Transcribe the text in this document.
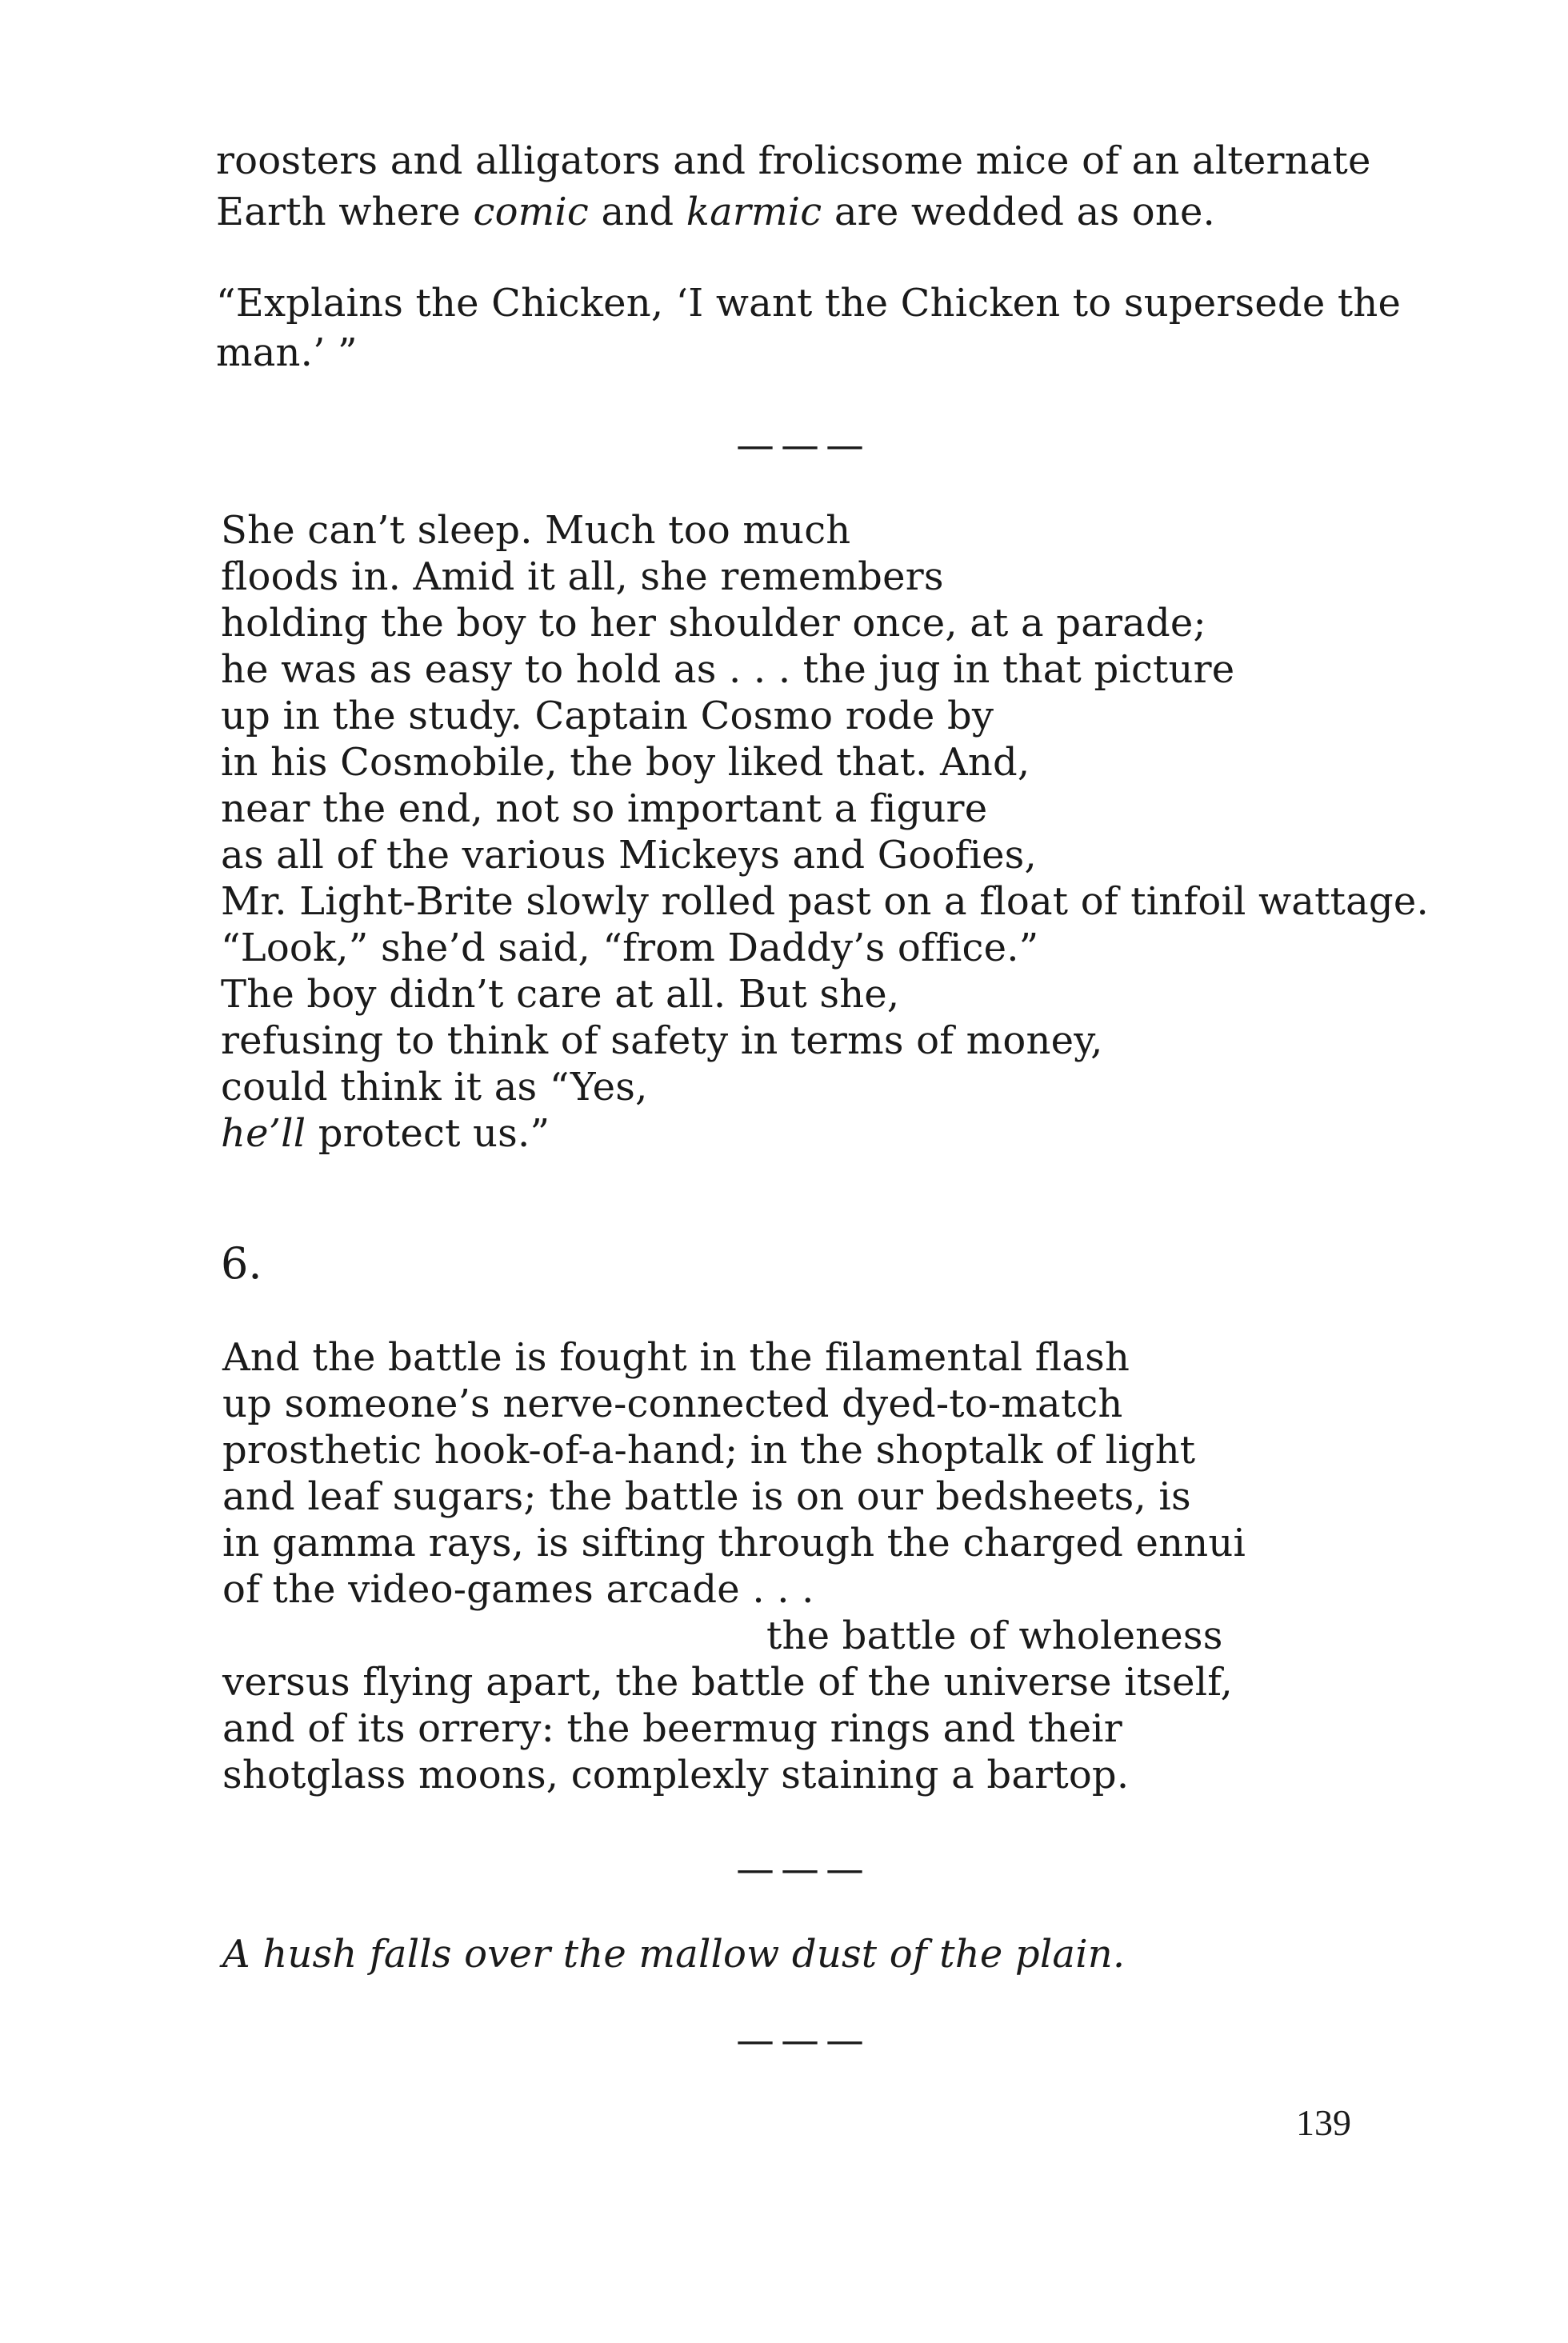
roosters and alligators and frolicsome mice of an alternate
Earth where comic and karmic are wedded as one.
“Explains the Chicken, ‘I want the Chicken to supersede the
man.’ ”
———
She can’t sleep. Much too much
floods in. Amid it all, she remembers
holding the boy to her shoulder once, at a parade;
he was as easy to hold as . . . the jug in that picture
up in the study. Captain Cosmo rode by
in his Cosmobile, the boy liked that. And,
near the end, not so important a figure
as all of the various Mickeys and Goofies,
Mr. Light-Brite slowly rolled past on a float of tinfoil wattage.
“Look,” she’d said, “from Daddy’s office.”
The boy didn’t care at all. But she,
refusing to think of safety in terms of money,
could think it as “Yes,
he’ll protect us.”
6.
And the battle is fought in the filamental flash
up someone’s nerve-connected dyed-to-match
prosthetic hook-of-a-hand; in the shoptalk of light
and leaf sugars; the battle is on our bedsheets, is
in gamma rays, is sifting through the charged ennui
of the video-games arcade . . .
the battle of wholeness
versus flying apart, the battle of the universe itself,
and of its orrery: the beermug rings and their
shotglass moons, complexly staining a bartop.
———
A hush falls over the mallow dust of the plain.
———
139
